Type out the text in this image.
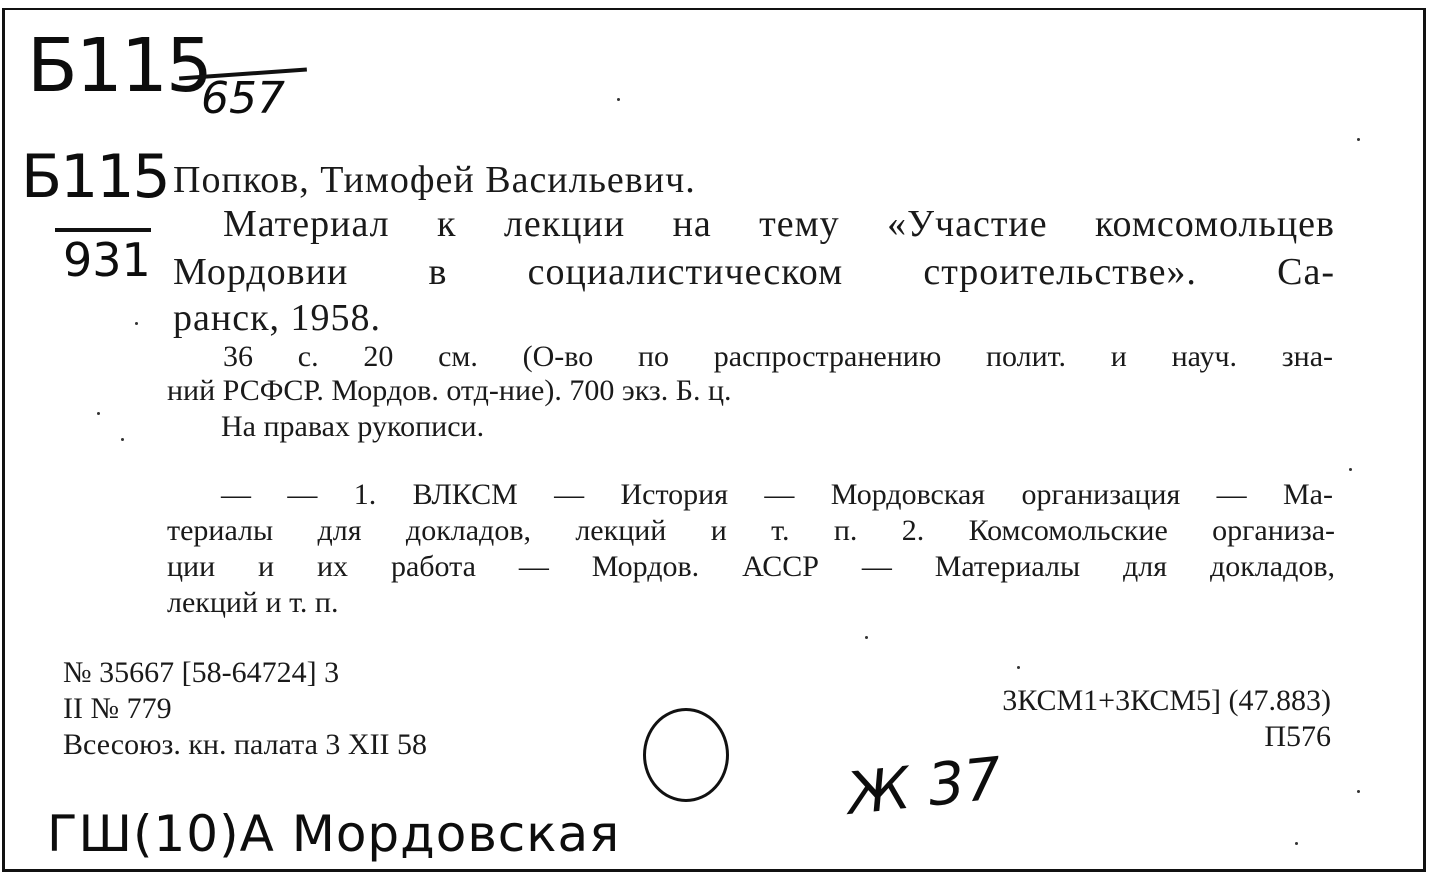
Б115
657
Б115
931
Попков, Тимофей Васильевич.
Материал к лекции на тему «Участие комсомольцев
Мордовии в социалистическом строительстве». Са-
ранск, 1958.
36 с. 20 см. (О-во по распространению полит. и науч. зна-
ний РСФСР. Мордов. отд-ние). 700 экз. Б. ц.
На правах рукописи.
— — 1. ВЛКСМ — История — Мордовская организация — Ма-
териалы для докладов, лекций и т. п. 2. Комсомольские организа-
ции и их работа — Мордов. АССР — Материалы для докладов,
лекций и т. п.
№ 35667 [58-64724] 3
II № 779
Всесоюз. кн. палата 3 XII 58
3КСМ1+3КСМ5] (47.883)
П576
ГШ(10)А Мордовская
Ж 37
